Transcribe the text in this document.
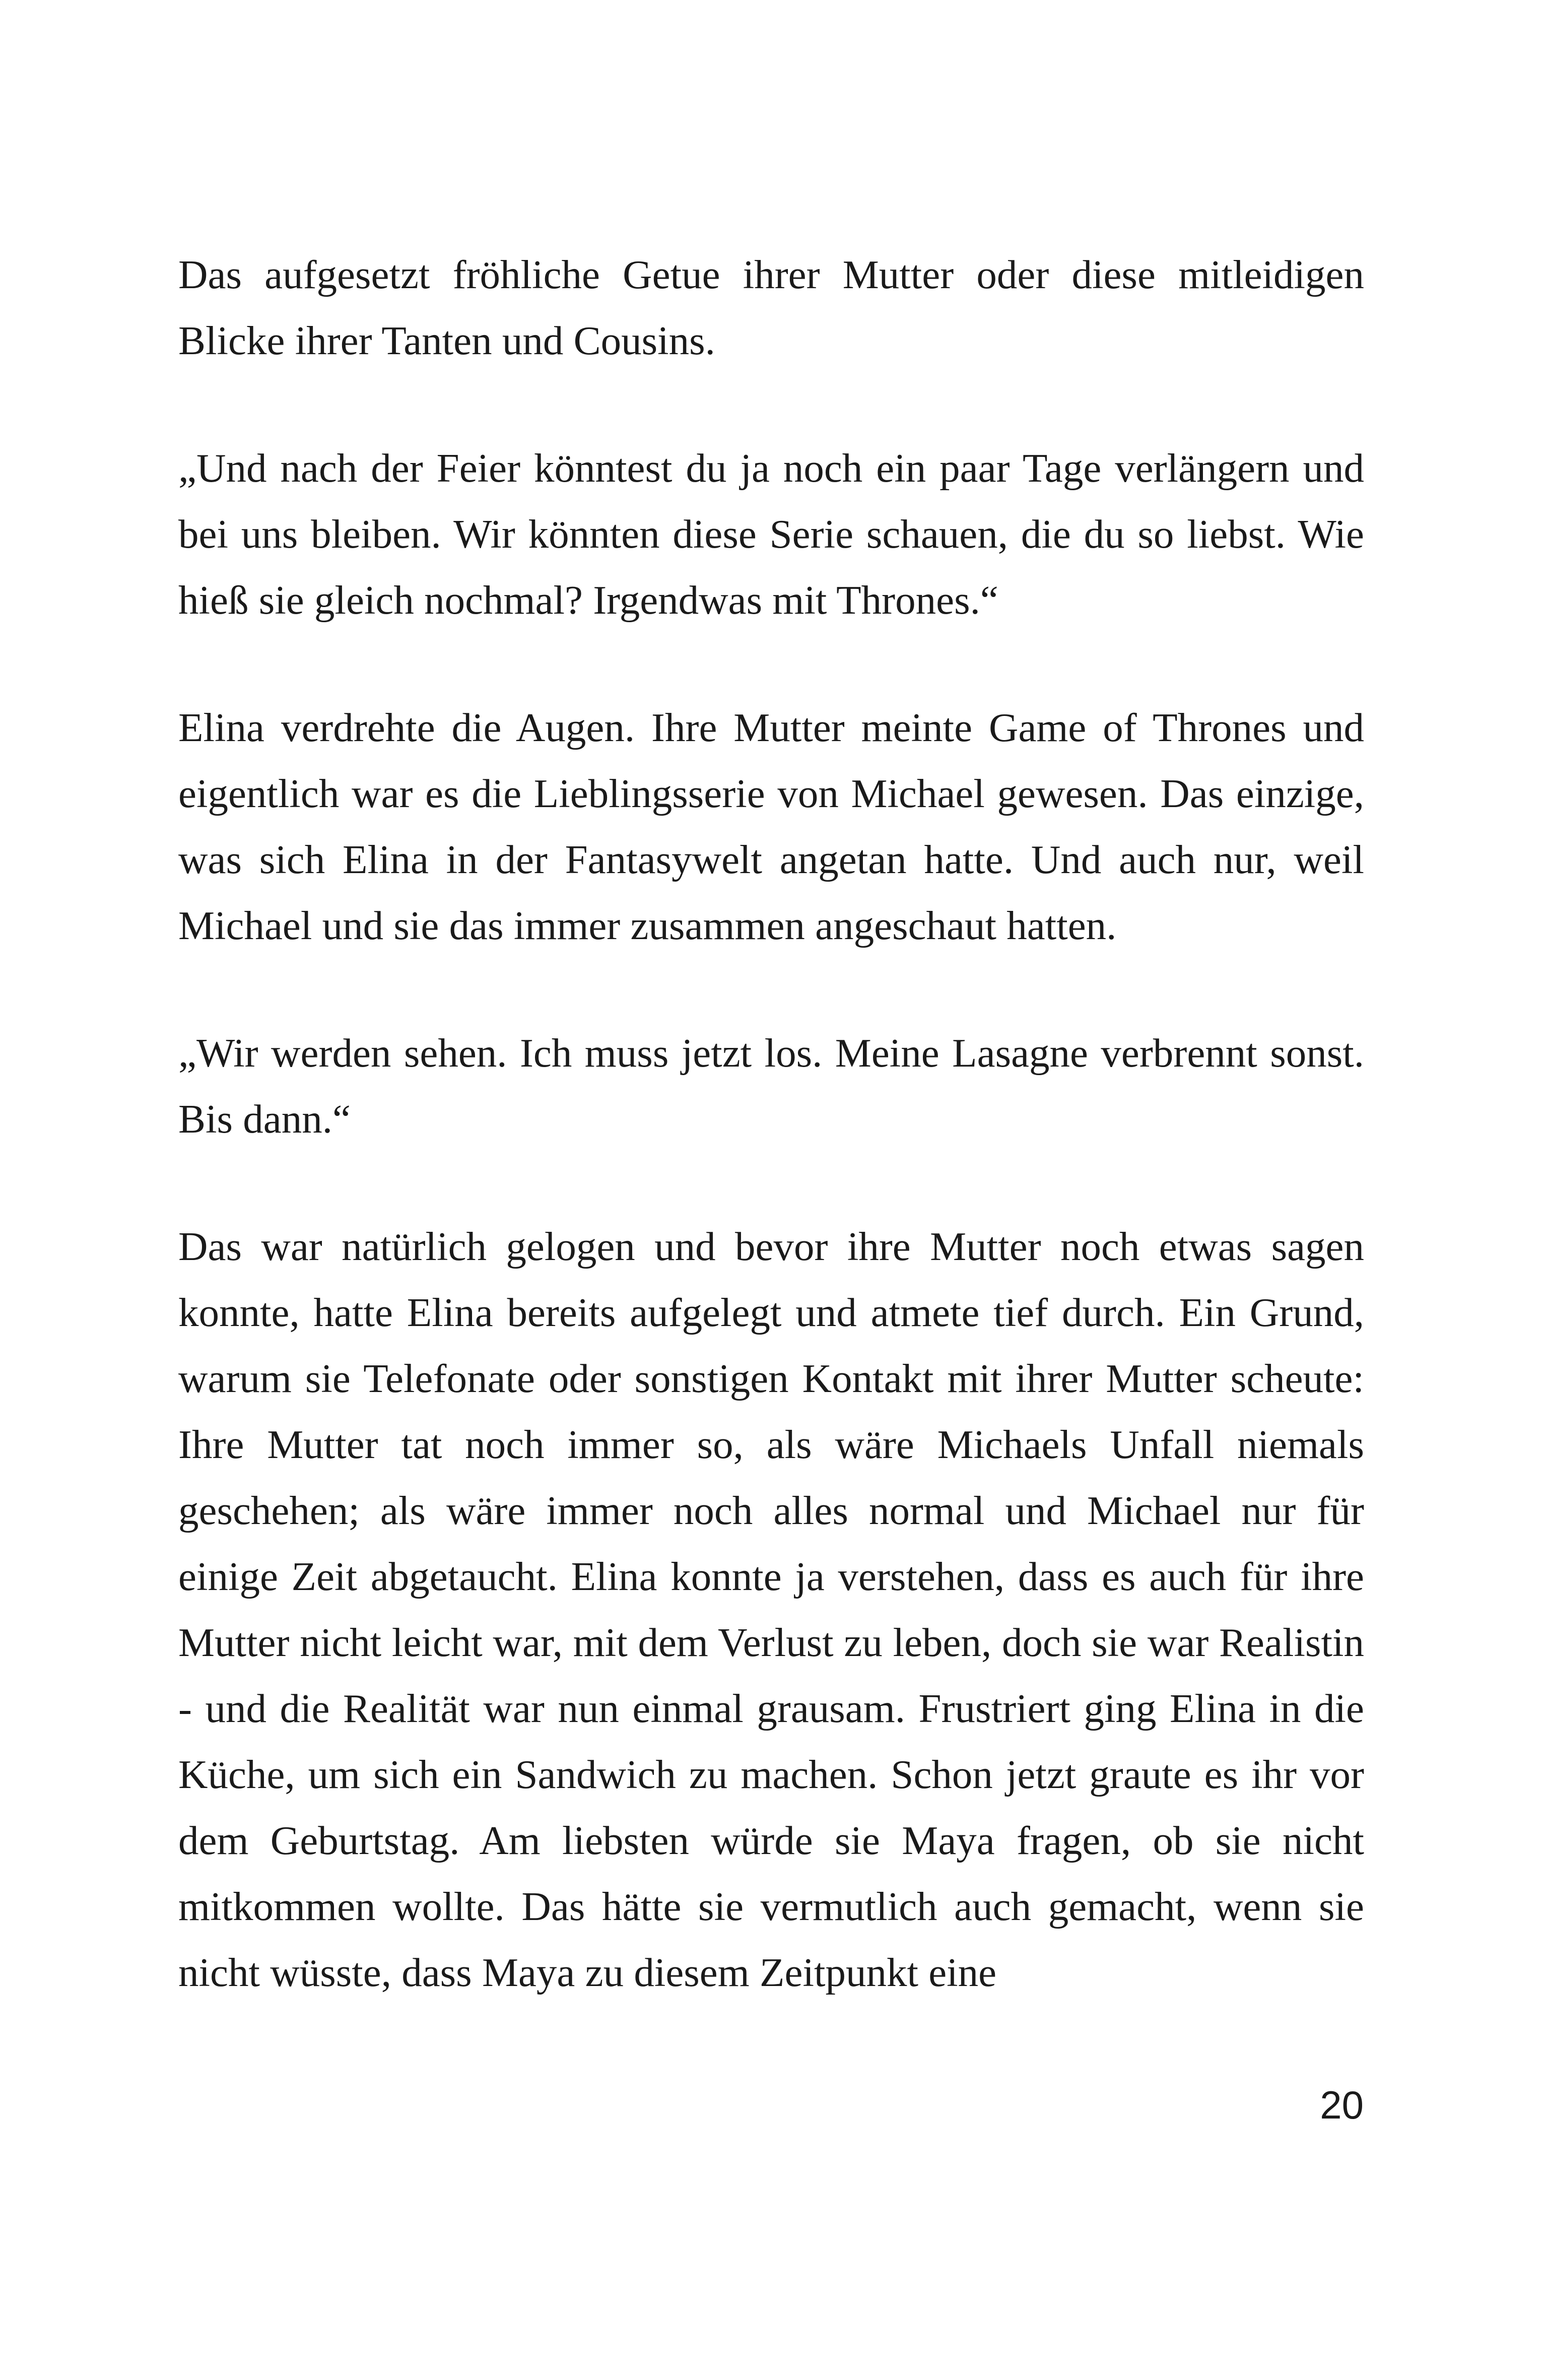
Das aufgesetzt fröhliche Getue ihrer Mutter oder diese mitleidigen Blicke ihrer Tanten und Cousins.

„Und nach der Feier könntest du ja noch ein paar Tage verlängern und bei uns bleiben. Wir könnten diese Serie schauen, die du so liebst. Wie hieß sie gleich nochmal? Irgendwas mit Thrones.“

Elina verdrehte die Augen. Ihre Mutter meinte Game of Thrones und eigentlich war es die Lieblingsserie von Michael gewesen. Das einzige, was sich Elina in der Fantasywelt angetan hatte. Und auch nur, weil Michael und sie das immer zusammen angeschaut hatten.

„Wir werden sehen. Ich muss jetzt los. Meine Lasagne verbrennt sonst. Bis dann.“

Das war natürlich gelogen und bevor ihre Mutter noch etwas sagen konnte, hatte Elina bereits aufgelegt und atmete tief durch. Ein Grund, warum sie Telefonate oder sonstigen Kontakt mit ihrer Mutter scheute: Ihre Mutter tat noch immer so, als wäre Michaels Unfall niemals geschehen; als wäre immer noch alles normal und Michael nur für einige Zeit abgetaucht. Elina konnte ja verstehen, dass es auch für ihre Mutter nicht leicht war, mit dem Verlust zu leben, doch sie war Realistin - und die Realität war nun einmal grausam. Frustriert ging Elina in die Küche, um sich ein Sandwich zu machen. Schon jetzt graute es ihr vor dem Geburtstag. Am liebsten würde sie Maya fragen, ob sie nicht mitkommen wollte. Das hätte sie vermutlich auch gemacht, wenn sie nicht wüsste, dass Maya zu diesem Zeitpunkt eine

20
